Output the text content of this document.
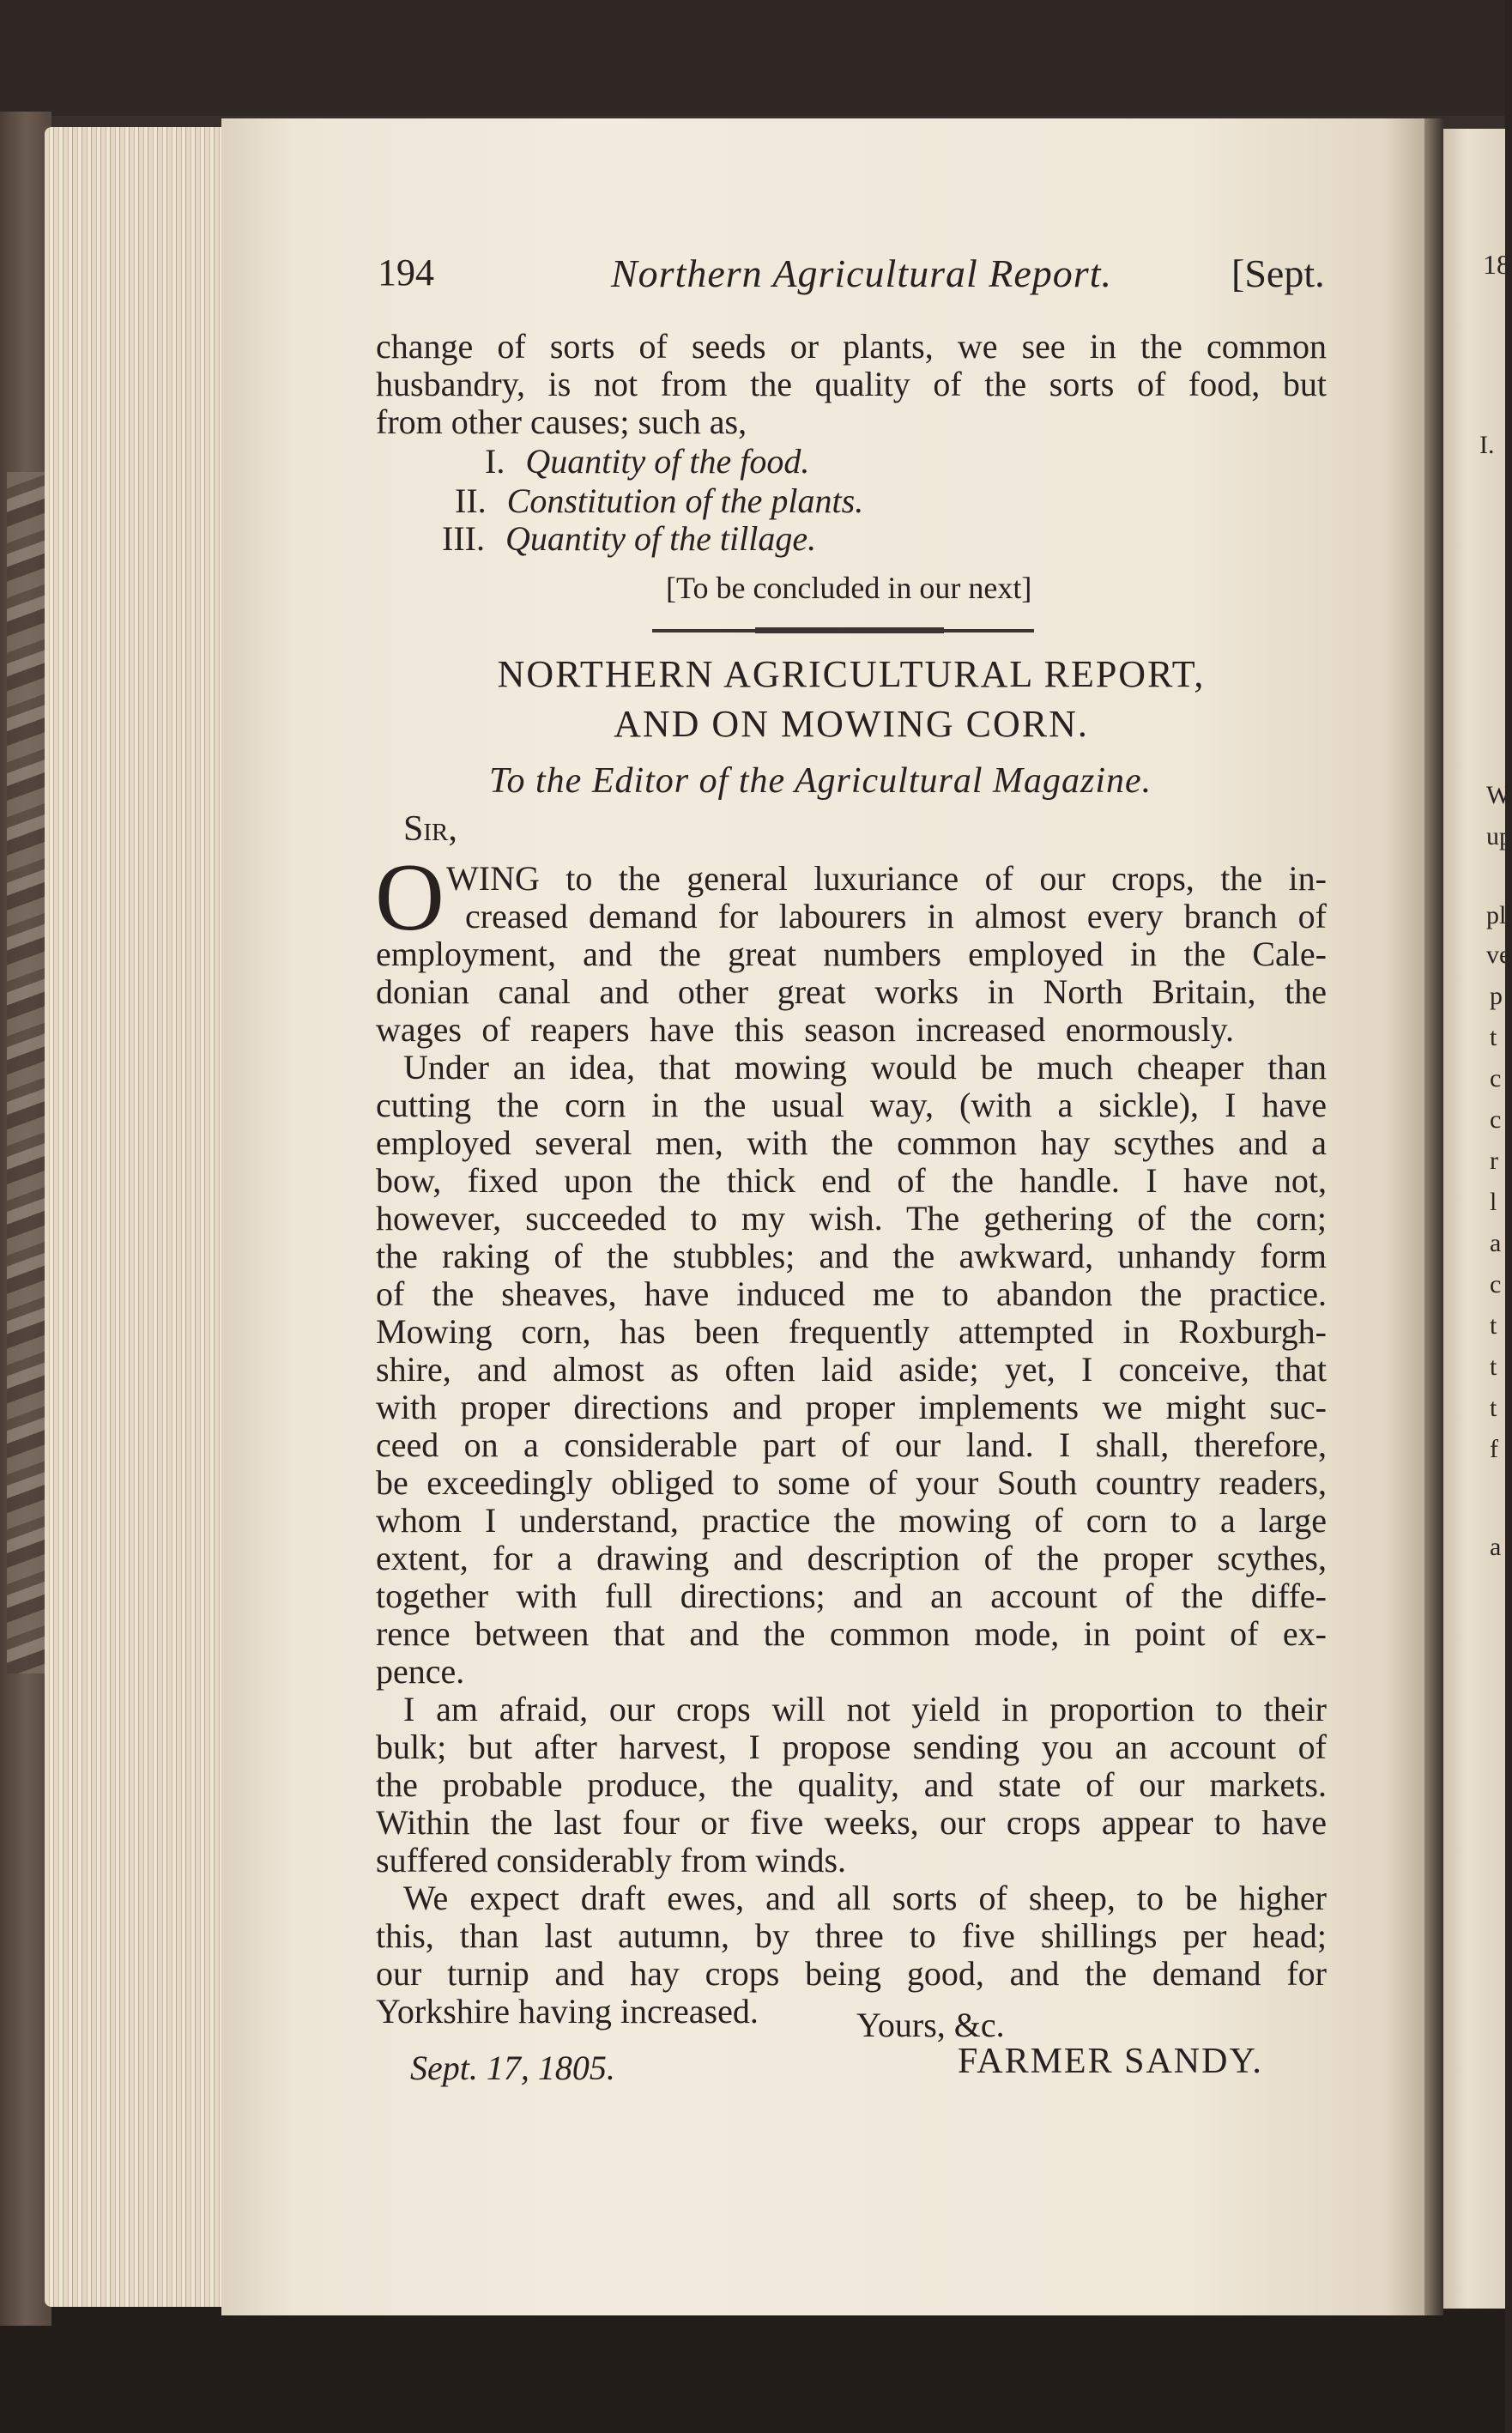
18
I.
W
up
pl
ve
p
t
c
c
r
l
a
c
t
t
t
f
a
194	Northern Agricultural Report.	[Sept.
change of sorts of seeds or plants, we see in the common
husbandry, is not from the quality of the sorts of food, but
from other causes; such as,
I. Quantity of the food.
II. Constitution of the plants.
III. Quantity of the tillage.
[To be concluded in our next]
NORTHERN AGRICULTURAL REPORT,
AND ON MOWING CORN.
To the Editor of the Agricultural Magazine.
Sir,
O WING to the general luxuriance of our crops, the in-
creased demand for labourers in almost every branch of
employment, and the great numbers employed in the Cale-
donian canal and other great works in North Britain, the
wages of reapers have this season increased enormously.
Under an idea, that mowing would be much cheaper than
cutting the corn in the usual way, (with a sickle), I have
employed several men, with the common hay scythes and a
bow, fixed upon the thick end of the handle. I have not,
however, succeeded to my wish. The gethering of the corn;
the raking of the stubbles; and the awkward, unhandy form
of the sheaves, have induced me to abandon the practice.
Mowing corn, has been frequently attempted in Roxburgh-
shire, and almost as often laid aside; yet, I conceive, that
with proper directions and proper implements we might suc-
ceed on a considerable part of our land. I shall, therefore,
be exceedingly obliged to some of your South country readers,
whom I understand, practice the mowing of corn to a large
extent, for a drawing and description of the proper scythes,
together with full directions; and an account of the diffe-
rence between that and the common mode, in point of ex-
pence.
I am afraid, our crops will not yield in proportion to their
bulk; but after harvest, I propose sending you an account of
the probable produce, the quality, and state of our markets.
Within the last four or five weeks, our crops appear to have
suffered considerably from winds.
We expect draft ewes, and all sorts of sheep, to be higher
this, than last autumn, by three to five shillings per head;
our turnip and hay crops being good, and the demand for
Yorkshire having increased.	Yours, &c.
Sept. 17, 1805.	FARMER SANDY.
